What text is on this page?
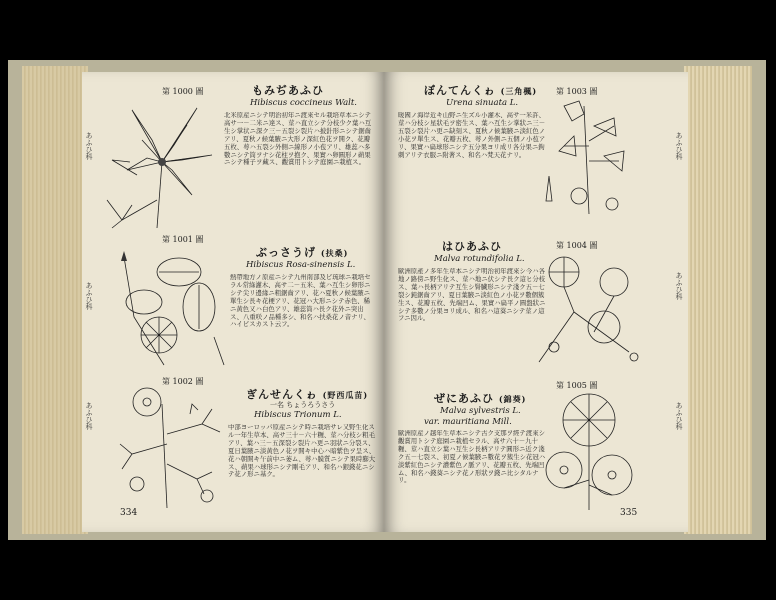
第 1000 圖	もみぢあふひ
Hibiscus coccineus Walt.
あふひ科
北米原産ニシテ明治初年ニ渡來セル栽培草本ニシテ高サ一－二米ニ達ス、莖ハ直立シテ分枝少ク葉ハ互生シ掌状ニ深ク三－五裂シ裂片ハ披針形ニシテ鋸齒アリ、夏秋ノ候葉腋ニ大形ノ深紅色花ヲ開ク、花瓣五枚、萼ハ五裂シ外側ニ線形ノ小苞アリ、雄蕊ハ多數ニシテ筒ヲナシ花柱ヲ抱ク、果實ハ卵圓形ノ蒴果ニシテ種子ヲ藏ス、觀賞用トシテ庭園ニ栽植ス。
第 1001 圖
ぶっさうげ (扶桑)
Hibiscus Rosa-sinensis L.
あふひ科
熱帶地方ノ原産ニシテ九州南部及ビ琉球ニ栽培セラル常綠灌木、高サ二－五米、葉ハ互生シ卵形ニシテ尖リ邊緣ニ粗鋸齒アリ、花ハ夏秋ノ候葉腋ニ單生シ長キ花梗アリ、花冠ハ大形ニシテ赤色、稀ニ黃色又ハ白色アリ、雄蕊筒ハ長ク花外ニ突出ス、八重咲ノ品種多シ、和名ハ扶桑花ノ音ナリ、ハイビスカスト云フ。
第 1002 圖
ぎんせんくゎ (野西瓜苗)
一名 ちょうろうさう
Hibiscus Trionum L.
あふひ科	中部ヨーロッパ原産ニシテ時ニ栽培サレ又野生化スル一年生草本、高サ三十－六十糎、莖ハ分枝シ粗毛アリ、葉ハ三－五深裂シ裂片ハ更ニ羽狀ニ分裂ス、夏日葉腋ニ淡黃色ノ花ヲ開キ中心ハ暗紫色ヲ呈ス、花ハ朝開キ午前中ニ萎ム、萼ハ膜質ニシテ果時膨大ス、蒴果ハ球形ニシテ剛毛アリ、和名ハ銀錢花ニシテ花ノ形ニ基ク。
334
ぼんてんくゎ (三角楓)
Urena sinuata L.
第 1003 圖
あふひ科
暖國ノ海岸近キ山野ニ生ズル小灌木、高サ一米許、莖ハ分枝シ星狀毛ヲ密生ス、葉ハ互生シ掌狀ニ三－五裂シ裂片ハ更ニ缺刻ス、夏秋ノ候葉腋ニ淡紅色ノ小花ヲ單生ス、花瓣五枚、萼ノ外側ニ五個ノ小苞アリ、果實ハ扁球形ニシテ五分果ヨリ成リ各分果ニ鉤刺アリテ衣服ニ附著ス、和名ハ梵天花ナリ。
はひあふひ
Malva rotundifolia L.
第 1004 圖
あふひ科
歐洲原產ノ多年生草本ニシテ明治初年渡來シ今ハ各地ノ路傍ニ野生化ス、莖ハ地ニ伏シテ長ク這ヒ分枝ス、葉ハ長柄アリテ互生シ腎臓形ニシテ淺ク五－七裂シ鈍鋸齒アリ、夏日葉腋ニ淡紅色ノ小花ヲ數個簇生ス、花瓣五枚、先端凹ム、果實ハ扁平ノ圓盤狀ニシテ多數ノ分果ヨリ成ル、和名ハ這葵ニシテ莖ノ這フニ因ル。
ぜにあふひ (錦葵)
Malva sylvestris L.
var. mauritiana Mill.
第 1005 圖
あふひ科
歐洲原産ノ越年生草本ニシテ古ク支那ヲ經テ渡來シ觀賞用トシテ庭園ニ栽植セラル、高サ六十－九十糎、莖ハ直立シ葉ハ互生シ長柄アリテ圓形ニ近ク淺ク五－七裂ス、初夏ノ候葉腋ニ數花ヲ簇生シ花冠ハ淡紫紅色ニシテ濃紫色ノ脈アリ、花瓣五枚、先端凹ム、和名ハ錢葵ニシテ花ノ形狀ヲ錢ニ比シタルナリ。
335
